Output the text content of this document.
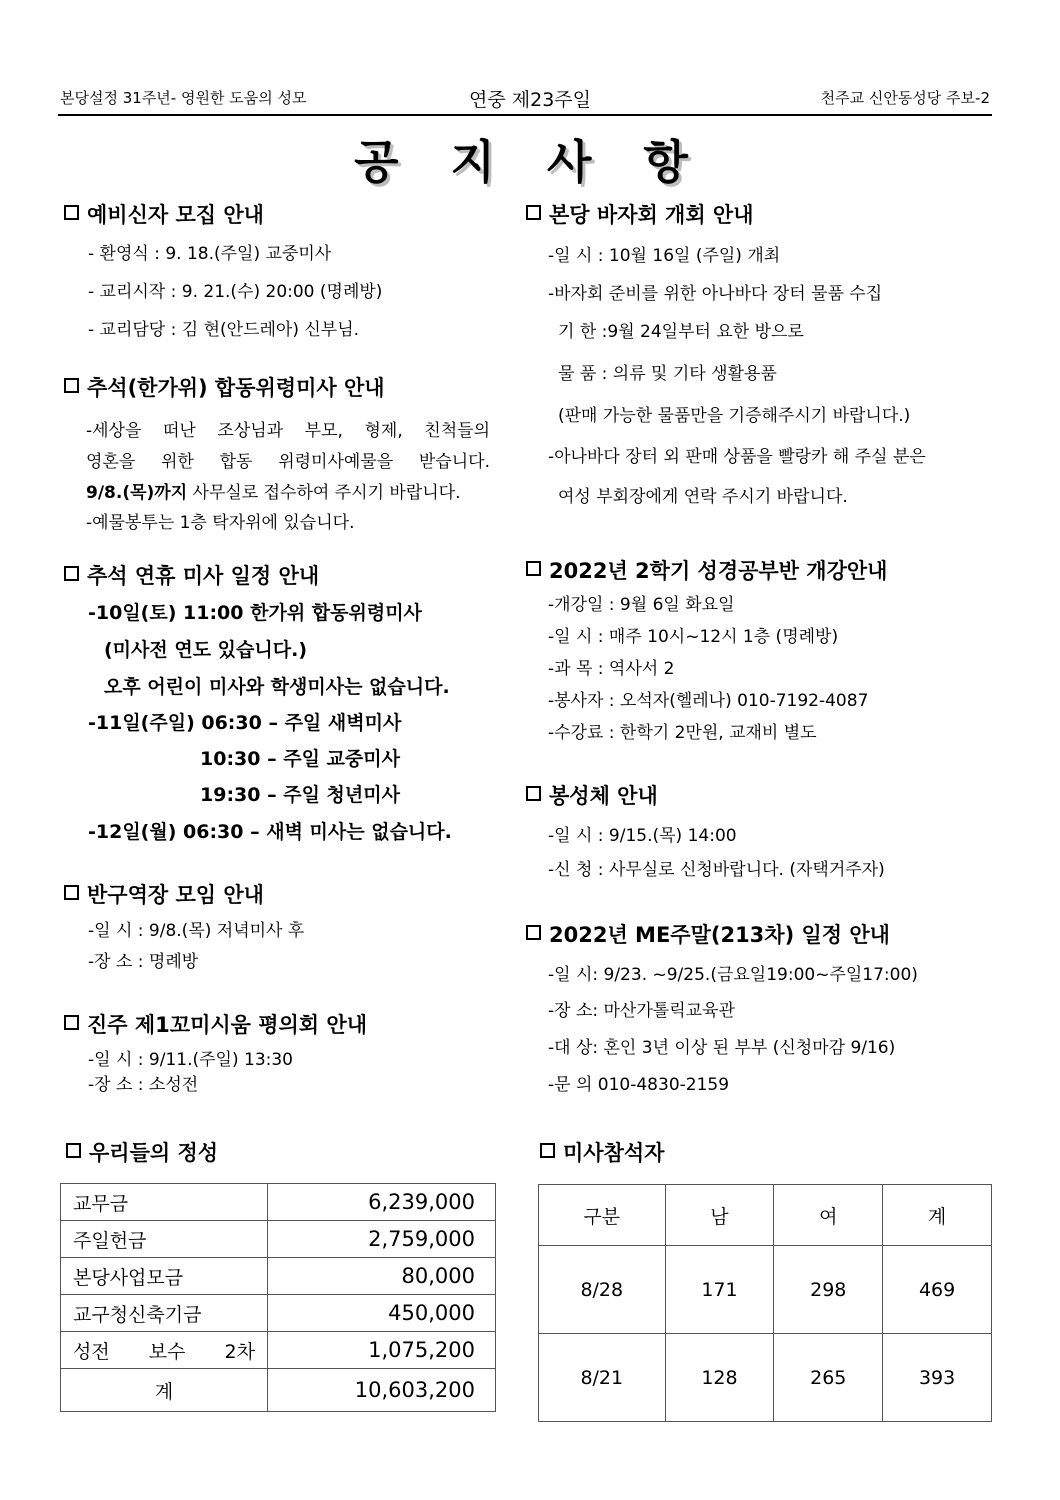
본당설정 31주년- 영원한 도움의 성모	연중 제23주일	천주교 신안동성당 주보-2
공 지 사 항
예비신자 모집 안내
- 환영식 : 9. 18.(주일) 교중미사
- 교리시작 : 9. 21.(수) 20:00 (명례방)
- 교리담당 : 김 현(안드레아) 신부님.
추석(한가위) 합동위령미사 안내
-세상을 떠난 조상님과 부모, 형제, 친척들의
영혼을 위한 합동 위령미사예물을 받습니다.
9/8.(목)까지 사무실로 접수하여 주시기 바랍니다.
-예물봉투는 1층 탁자위에 있습니다.
추석 연휴 미사 일정 안내
-10일(토) 11:00 한가위 합동위령미사
(미사전 연도 있습니다.)
오후 어린이 미사와 학생미사는 없습니다.
-11일(주일) 06:30 – 주일 새벽미사
10:30 – 주일 교중미사
19:30 – 주일 청년미사
-12일(월) 06:30 – 새벽 미사는 없습니다.
반구역장 모임 안내
-일 시 : 9/8.(목) 저녁미사 후
-장 소 : 명례방
진주 제1꼬미시움 평의회 안내
-일 시 : 9/11.(주일) 13:30
-장 소 : 소성전
본당 바자회 개회 안내
-일 시 : 10월 16일 (주일) 개최
-바자회 준비를 위한 아나바다 장터 물품 수집
기 한 :9월 24일부터 요한 방으로
물 품 : 의류 및 기타 생활용품
(판매 가능한 물품만을 기증해주시기 바랍니다.)
-아나바다 장터 외 판매 상품을 빨랑카 해 주실 분은
여성 부회장에게 연락 주시기 바랍니다.
2022년 2학기 성경공부반 개강안내
-개강일 : 9월 6일 화요일
-일 시 : 매주 10시~12시 1층 (명례방)
-과 목 : 역사서 2
-봉사자 : 오석자(헬레나) 010-7192-4087
-수강료 : 한학기 2만원, 교재비 별도
봉성체 안내
-일 시 : 9/15.(목) 14:00
-신 청 : 사무실로 신청바랍니다. (자택거주자)
2022년 ME주말(213차) 일정 안내
-일 시: 9/23. ~9/25.(금요일19:00~주일17:00)
-장 소: 마산가톨릭교육관
-대 상: 혼인 3년 이상 된 부부 (신청마감 9/16)
-문 의 010-4830-2159
우리들의 정성
교무금	6,239,000
주일헌금	2,759,000
본당사업모금	80,000
교구청신축기금	450,000
성전 보수 2차	1,075,200
계	10,603,200
미사참석자
구분	남	여	계
8/28	171	298	469
8/21	128	265	393
